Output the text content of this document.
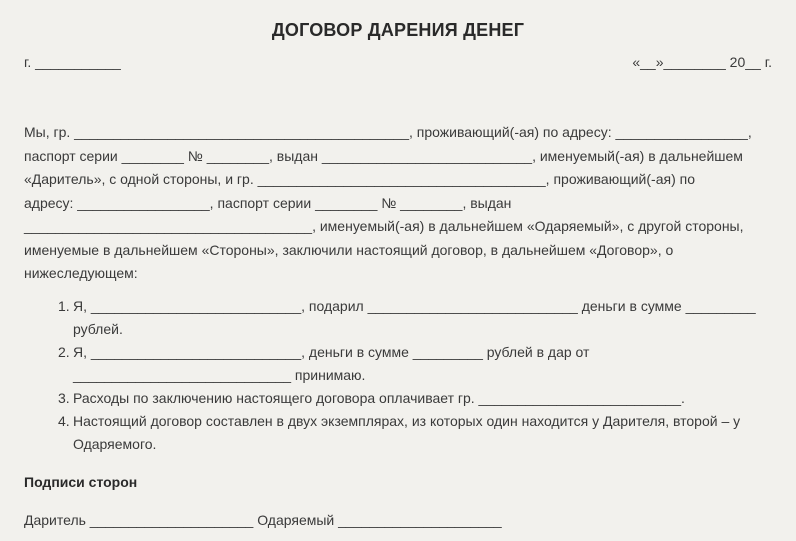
ДОГОВОР ДАРЕНИЯ ДЕНЕГ
г. ___________	«__»________ 20__ г.

Мы, гр. ___________________________________________, проживающий(-ая) по адресу: _________________,
паспорт серии ________ № ________, выдан ___________________________, именуемый(-ая) в дальнейшем
«Даритель», с одной стороны, и гр. _____________________________________, проживающий(-ая) по
адресу: _________________, паспорт серии ________ № ________, выдан
_____________________________________, именуемый(-ая) в дальнейшем «Одаряемый», с другой стороны,
именуемые в дальнейшем «Стороны», заключили настоящий договор, в дальнейшем «Договор», о
нижеследующем:

1. Я, ___________________________, подарил ___________________________ деньги в сумме _________
рублей.
2. Я, ___________________________, деньги в сумме _________ рублей в дар от
____________________________ принимаю.
3. Расходы по заключению настоящего договора оплачивает гр. __________________________.
4. Настоящий договор составлен в двух экземплярах, из которых один находится у Дарителя, второй – у
Одаряемого.
Подписи сторон
Даритель _____________________ Одаряемый _____________________
